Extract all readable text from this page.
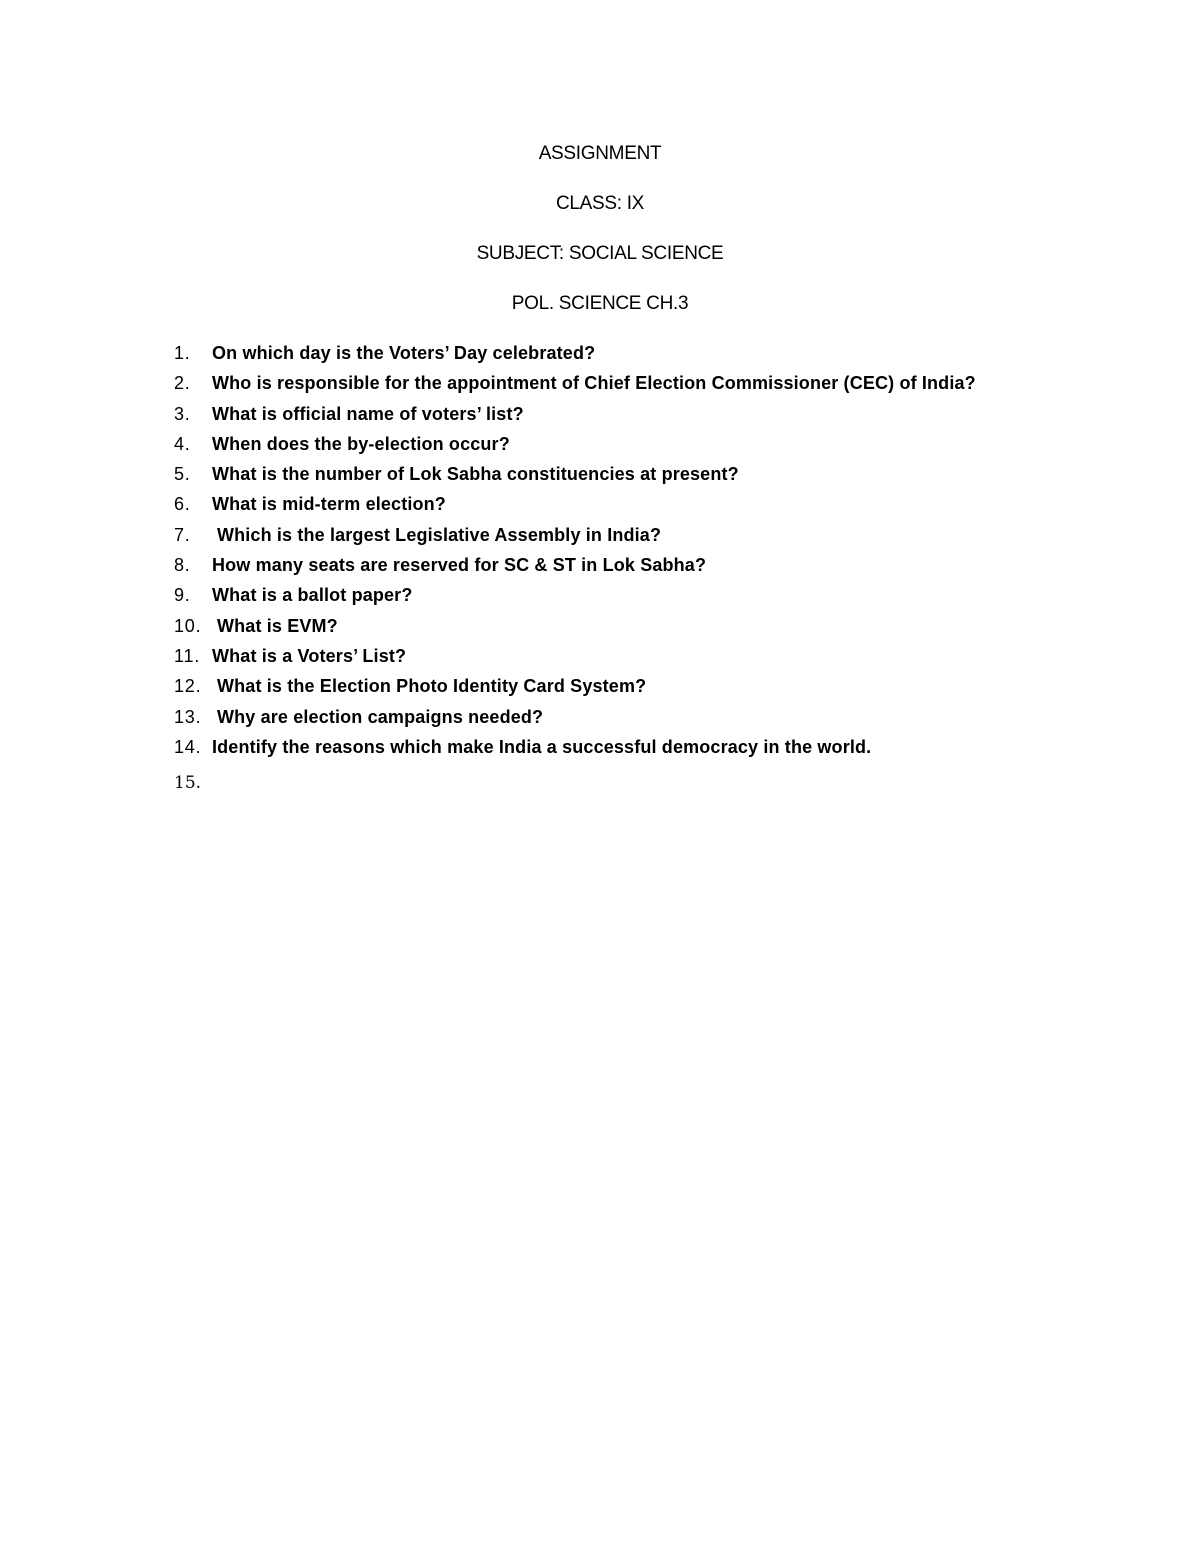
ASSIGNMENT
CLASS: IX
SUBJECT: SOCIAL SCIENCE
POL. SCIENCE CH.3
1. On which day is the Voters’ Day celebrated?
2. Who is responsible for the appointment of Chief Election Commissioner (CEC) of India?
3. What is official name of voters’ list?
4. When does the by-election occur?
5. What is the number of Lok Sabha constituencies at present?
6. What is mid-term election?
7. Which is the largest Legislative Assembly in India?
8. How many seats are reserved for SC & ST in Lok Sabha?
9. What is a ballot paper?
10. What is EVM?
11. What is a Voters’ List?
12. What is the Election Photo Identity Card System?
13. Why are election campaigns needed?
14. Identify the reasons which make India a successful democracy in the world.
15.
